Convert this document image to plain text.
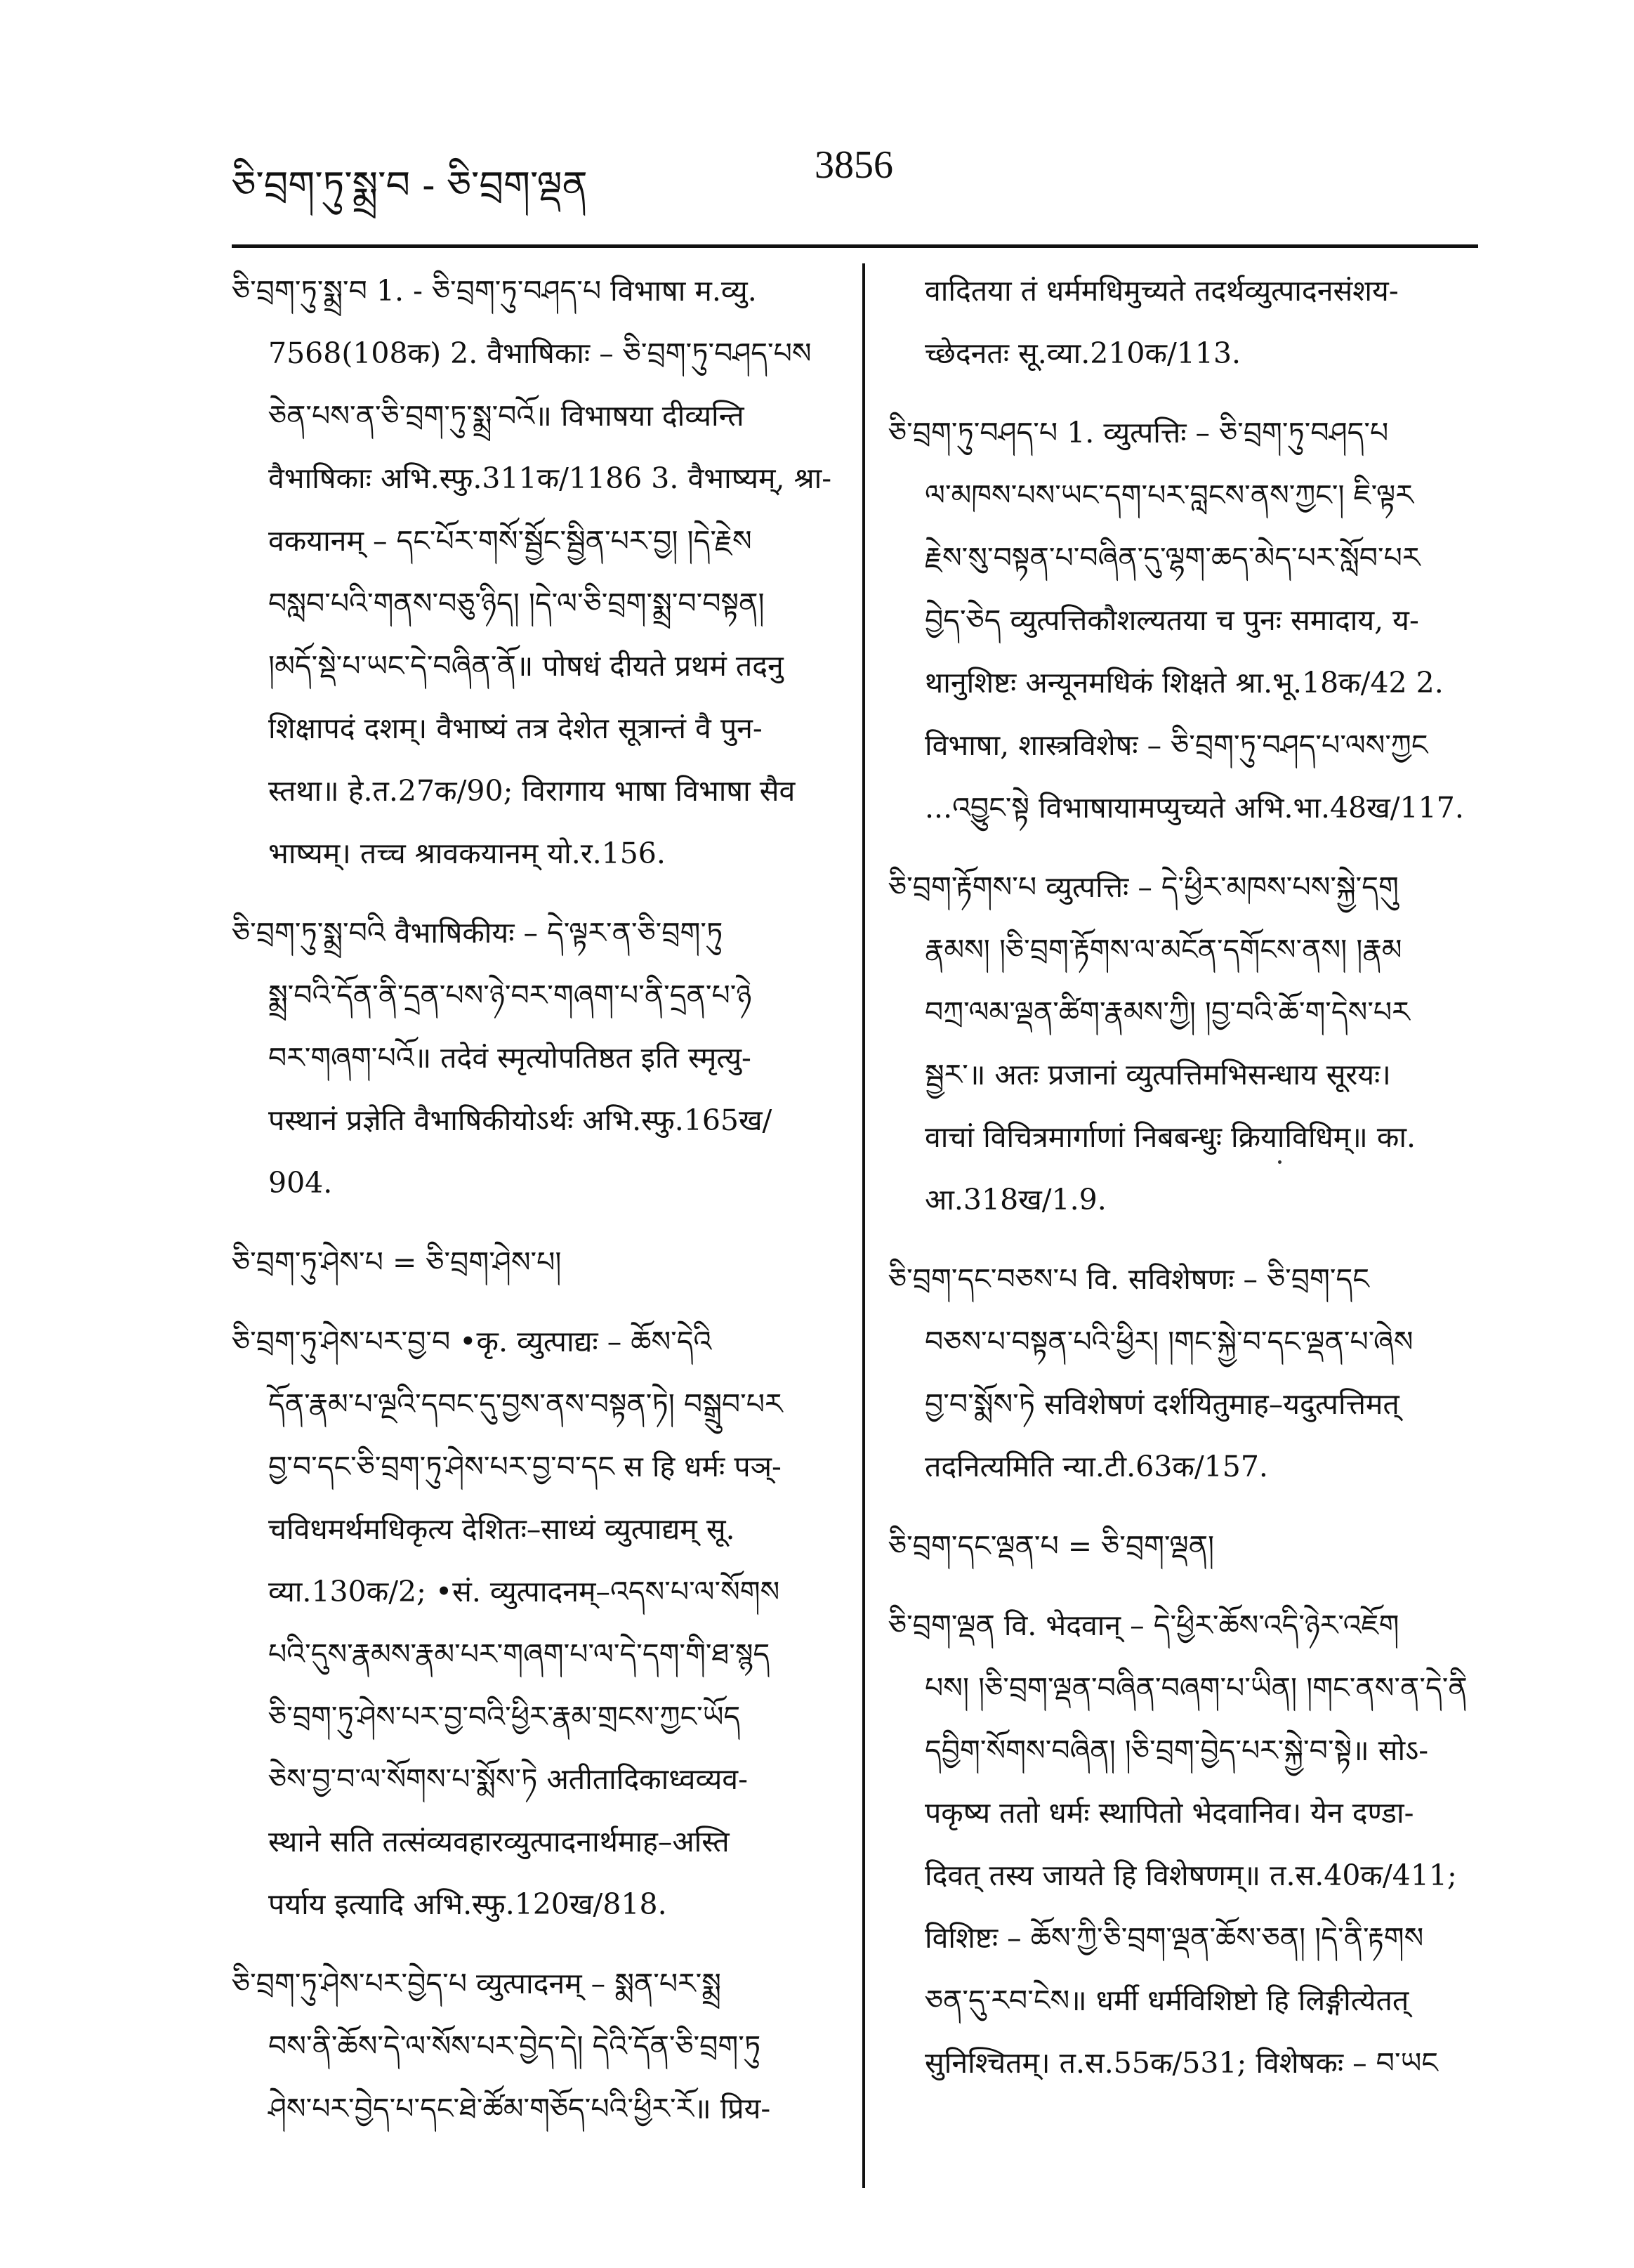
ཅི་བྲག་ཏུ་སྨྲ་བ - ཅི་བྲག་ལྡན	3856
ཅི་བྲག་ཏུ་སྨྲ་བ 1. - ཅི་བྲག་ཏུ་བཤད་པ विभाषा म.व्यु.
7568(108क) 2. वैभाषिकाः – ཅི་བྲག་ཏུ་བཤད་པས
ཅེན་པས་ན་ཅི་བྲག་ཏུ་སྨྲ་བའོ॥ विभाषया दीव्यन्ति
वैभाषिकाः अभि.स्फु.311क/1186 3. वैभाष्यम्, श्रा-
वकयानम् – དང་པོར་གསོ་སྦྱོང་སྦྱིན་པར་བྱ། །དེ་རྗེས
བསླབ་པའི་གནས་བཅུ་ཉིད། །དེ་ལ་ཅི་བྲག་སྨྲ་བ་བསྟན།
།མདོ་སྡེ་པ་ཡང་དེ་བཞིན་ནོ॥ पोषधं दीयते प्रथमं तदनु
शिक्षापदं दशम्। वैभाष्यं तत्र देशेत सूत्रान्तं वै पुन-
स्तथा॥ हे.त.27क/90; विरागाय भाषा विभाषा सैव
भाष्यम्। तच्च श्रावकयानम् यो.र.156.
ཅི་བྲག་ཏུ་སྨྲ་བའི वैभाषिकीयः – དེ་ལྟར་ན་ཅི་བྲག་ཏུ
སྨྲ་བའི་དོན་ནི་དྲན་པས་ཉེ་བར་གཞག་པ་ནི་དྲན་པ་ཉེ
བར་གཞག་པའོ॥ तदेवं स्मृत्योपतिष्ठत इति स्मृत्यु-
पस्थानं प्रज्ञेति वैभाषिकीयोऽर्थः अभि.स्फु.165ख/
904.
ཅི་བྲག་ཏུ་ཤེས་པ = ཅི་བྲག་ཤེས་པ།
ཅི་བྲག་ཏུ་ཤེས་པར་བྱ་བ •कृ. व्युत्पाद्यः – ཆོས་དེའི
དོན་རྣམ་པ་ལྔའི་དབང་དུ་བྱས་ནས་བསྟན་ཏེ། བསྒྲུབ་པར
བྱ་བ་དང་ཅི་བྲག་ཏུ་ཤེས་པར་བྱ་བ་དང स हि धर्मः पञ्-
चविधमर्थमधिकृत्य देशितः–साध्यं व्युत्पाद्यम् सू.
व्या.130क/2; •सं. व्युत्पादनम्–འདས་པ་ལ་སོགས
པའི་དུས་རྣམས་རྣམ་པར་གཞག་པ་ལ་དེ་དག་གི་ཐ་སྙད
ཅི་བྲག་ཏུ་ཤེས་པར་བྱ་བའི་ཕྱིར་རྣམ་གྲངས་ཀྱང་ཡོད
ཅེས་བྱ་བ་ལ་སོགས་པ་སྨོས་ཏེ अतीतादिकाध्वव्यव-
स्थाने सति तत्संव्यवहारव्युत्पादनार्थमाह–अस्ति
पर्याय इत्यादि अभि.स्फु.120ख/818.
ཅི་བྲག་ཏུ་ཤེས་པར་བྱེད་པ व्युत्पादनम् – སྨན་པར་སྨྲ
བས་ནི་ཆོས་དེ་ལ་སོས་པར་བྱེད་དེ། དེའི་དོན་ཅི་བྲག་ཏུ
ཤེས་པར་བྱེད་པ་དང་ཐེ་ཚོམ་གཅོད་པའི་ཕྱིར་རོ॥ प्रिय-
वादितया तं धर्ममधिमुच्यते तदर्थव्युत्पादनसंशय-
च्छेदनतः सू.व्या.210क/113.
ཅི་བྲག་ཏུ་བཤད་པ 1. व्युत्पत्तिः – ཅི་བྲག་ཏུ་བཤད་པ
ལ་མཁས་པས་ཡང་དག་པར་བླངས་ནས་ཀྱང་། ཇི་ལྟར
རྗེས་སུ་བསྟན་པ་བཞིན་དུ་ལྷག་ཆད་མེད་པར་སློབ་པར
བྱེད་ཅེད व्युत्पत्तिकौशल्यतया च पुनः समादाय, य-
थानुशिष्टः अन्यूनमधिकं शिक्षते श्रा.भू.18क/42 2.
विभाषा, शास्त्रविशेषः – ཅི་བྲག་ཏུ་བཤད་པ་ལས་ཀྱང
...འབྱུང་སྟེ विभाषायामप्युच्यते अभि.भा.48ख/117.
ཅི་བྲག་རྟོགས་པ व्युत्पत्तिः – དེ་ཕྱིར་མཁས་པས་སྐྱེ་དགུ
རྣམས། །ཅི་བྲག་རྟོགས་ལ་མངོན་དགོངས་ནས། །རྣམ
བཀྲ་ལམ་ལྡན་ཚིག་རྣམས་ཀྱི། །བྱ་བའི་ཆོ་ག་དེས་པར
སྦྱར་॥ अतः प्रजानां व्युत्पत्तिमभिसन्धाय सूरयः।
वाचां विचित्रमार्गाणां निबबन्धुः क्रियाविधिम्॥ का.
आ.318ख/1.9.
ཅི་བྲག་དང་བཅས་པ वि. सविशेषणः – ཅི་བྲག་དང
བཅས་པ་བསྟན་པའི་ཕྱིར། །གང་སྐྱེ་བ་དང་ལྡན་པ་ཞེས
བྱ་བ་སྨོས་ཏེ सविशेषणं दर्शयितुमाह–यदुत्पत्तिमत्
तदनित्यमिति न्या.टी.63क/157.
ཅི་བྲག་དང་ལྡན་པ = ཅི་བྲག་ལྡན།
ཅི་བྲག་ལྡན वि. भेदवान् – དེ་ཕྱིར་ཆོས་འདི་ཉེར་འཇོག
པས། །ཅི་བྲག་ལྡན་བཞིན་བཞག་པ་ཡིན། །གང་ནས་ན་དེ་ནི
དབྱིག་སོགས་བཞིན། །ཅི་བྲག་བྱེད་པར་སྐྱེ་བ་སྟེ॥ सोऽ-
पकृष्य ततो धर्मः स्थापितो भेदवानिव। येन दण्डा-
दिवत् तस्य जायते हि विशेषणम्॥ त.स.40क/411;
विशिष्टः – ཆོས་ཀྱི་ཅི་བྲག་ལྡན་ཆོས་ཅན། །དེ་ནི་རྟགས
ཅན་དུ་རབ་ངེས॥ धर्मी धर्मविशिष्टो हि लिङ्गीत्येतत्
सुनिश्चितम्। त.स.55क/531; विशेषकः – བ་ཡང
